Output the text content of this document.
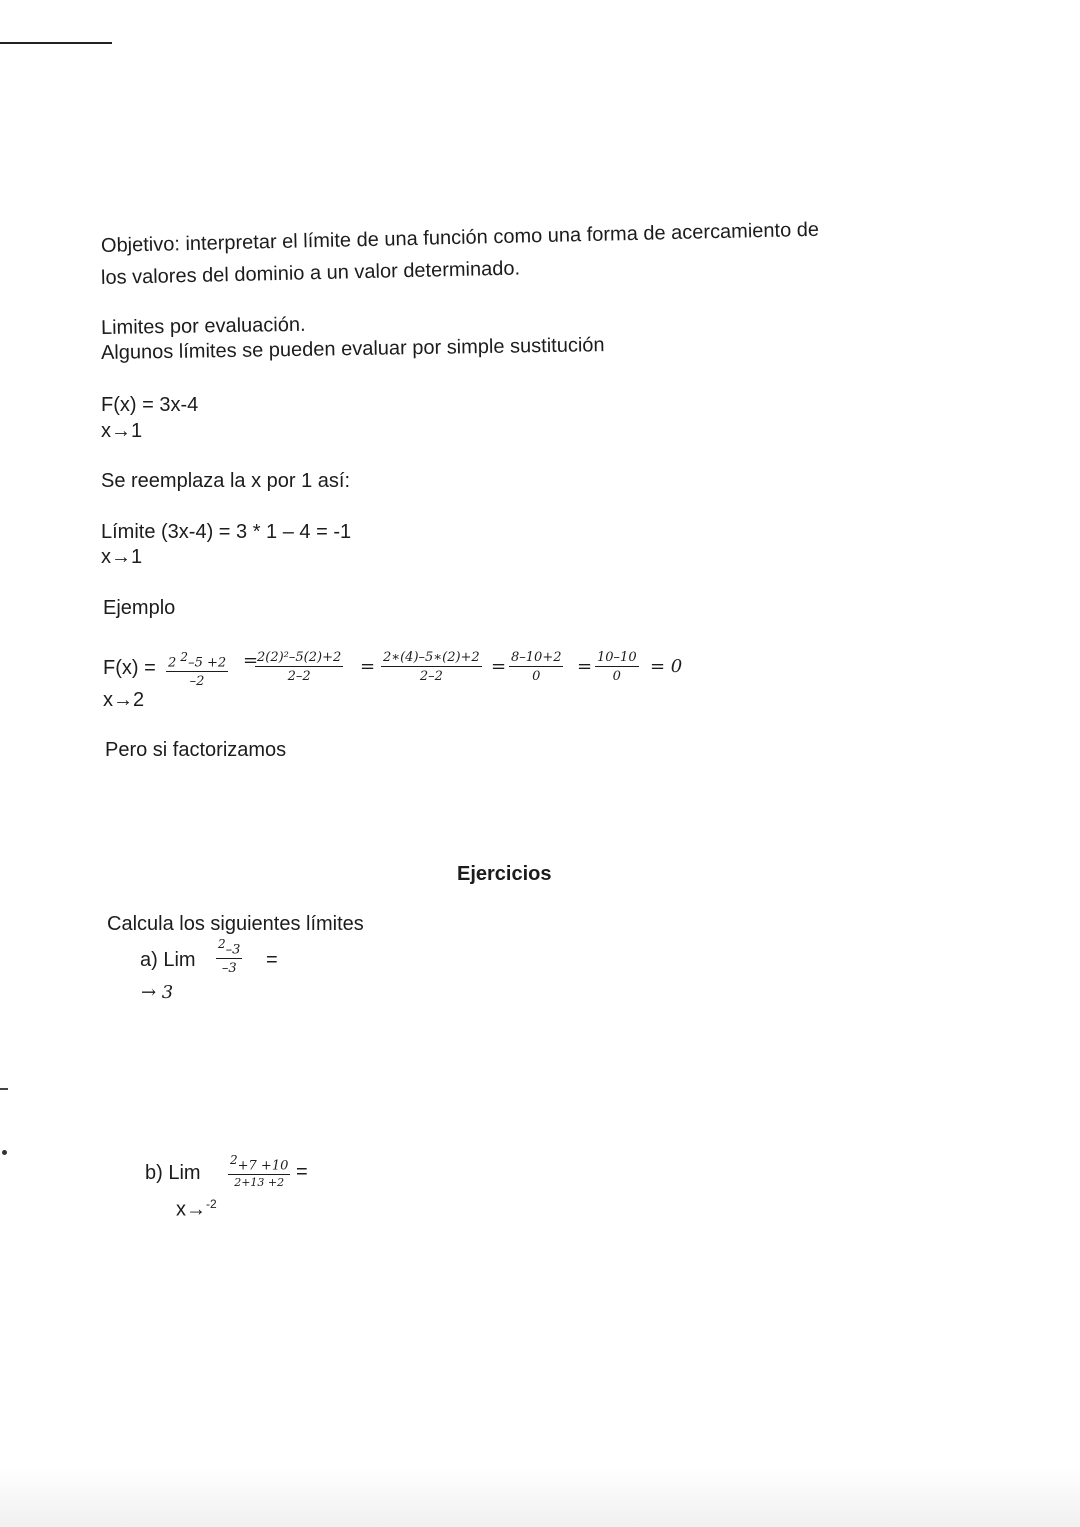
Objetivo: interpretar el límite de una función como una forma de acercamiento de
los valores del dominio a un valor determinado.
Limites por evaluación.
Algunos límites se pueden evaluar por simple sustitución
F(x) = 3x-4
x→1
Se reemplaza la x por 1 así:
Límite (3x-4) = 3 * 1 – 4 = -1
x→1
Ejemplo
$F(x) = \frac{2 ^2-5 +2}{-2}$ =
$\frac{\text{2(2)²–5(2)+2}}{2-2} = \frac{2∗(4)-5∗(2)+2}{2-2} = \frac{8-10+2}{0} = \frac{10-10}{0} = 0$
x→2
Pero si factorizamos
Ejercicios
Calcula los siguientes límites
a) Lim $\frac{^2-3}{-3}$ =
→ 3
b) Lim
$^2$+7 +10
2+13 +2 =
x→$^{-2}$
